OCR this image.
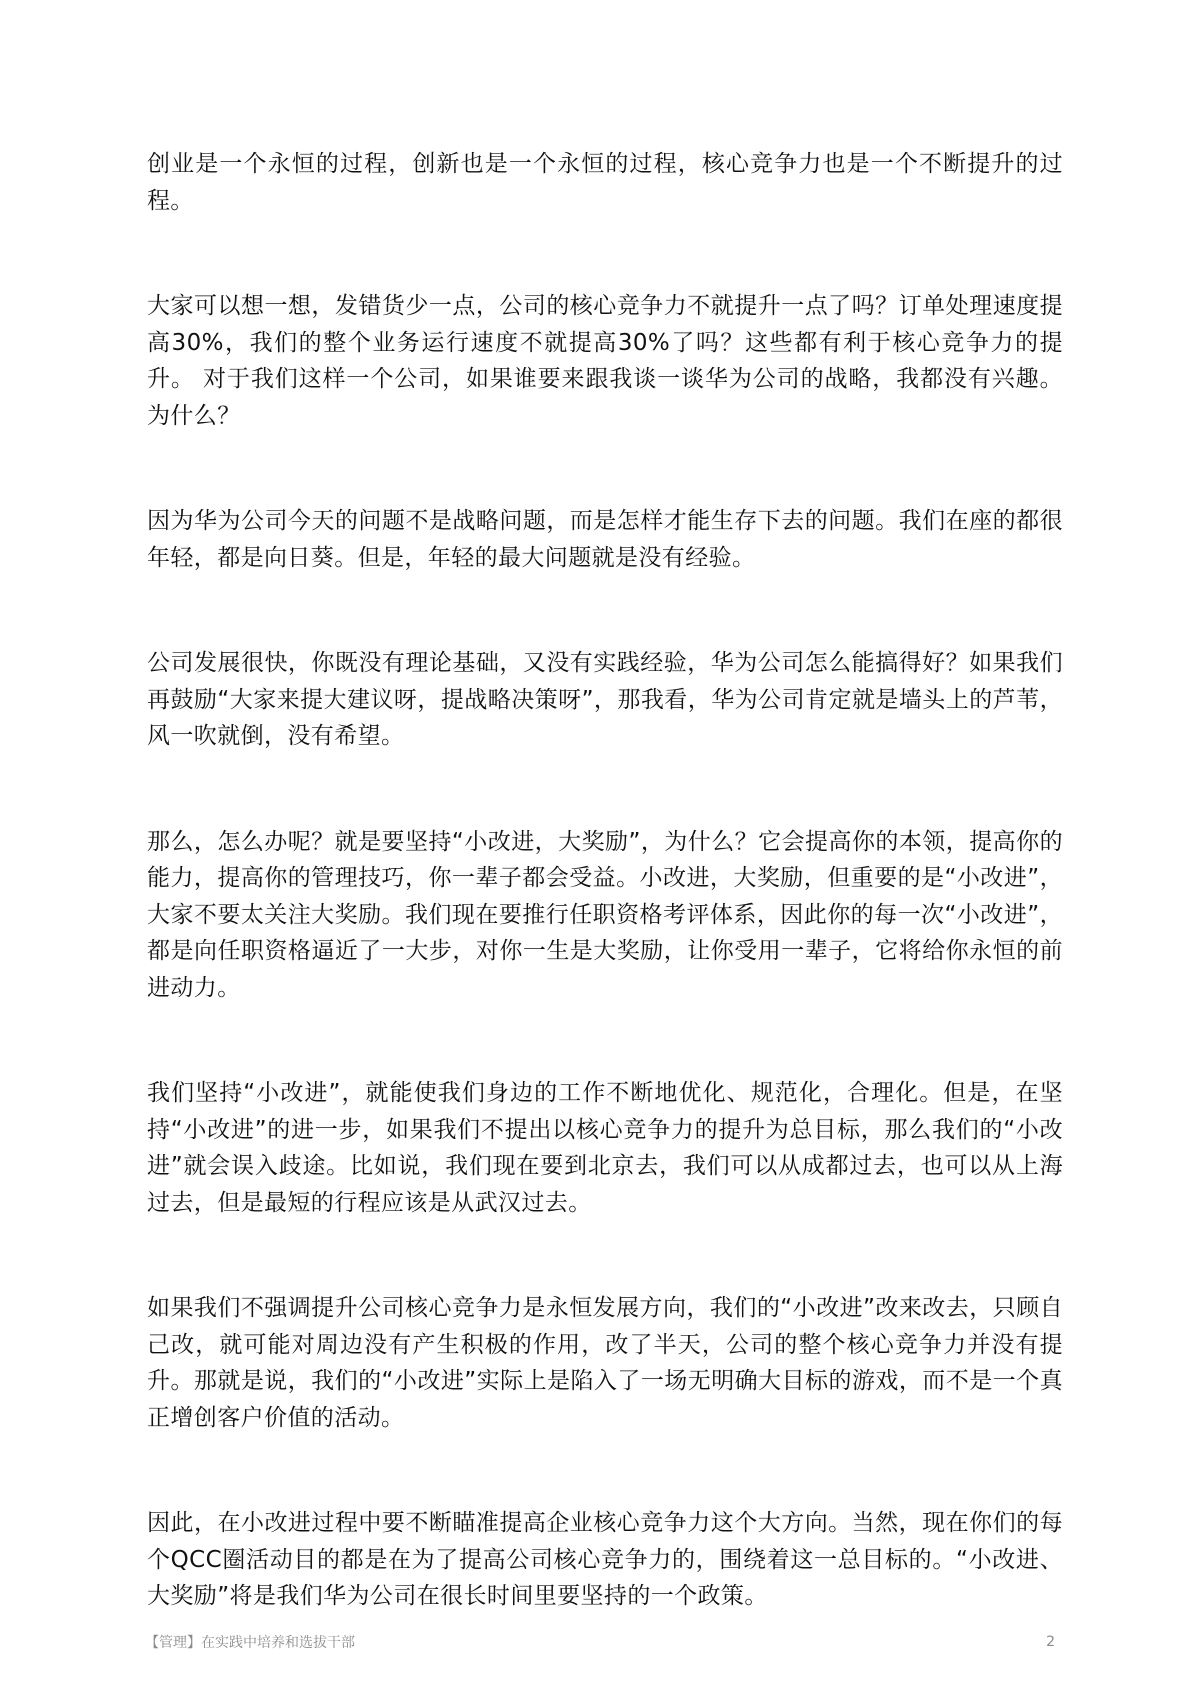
创业是一个永恒的过程，创新也是一个永恒的过程，核心竞争力也是一个不断提升的过程。

大家可以想一想，发错货少一点，公司的核心竞争力不就提升一点了吗？订单处理速度提高30%，我们的整个业务运行速度不就提高30%了吗？这些都有利于核心竞争力的提升。 对于我们这样一个公司，如果谁要来跟我谈一谈华为公司的战略，我都没有兴趣。为什么？

因为华为公司今天的问题不是战略问题，而是怎样才能生存下去的问题。我们在座的都很年轻，都是向日葵。但是，年轻的最大问题就是没有经验。

公司发展很快，你既没有理论基础，又没有实践经验，华为公司怎么能搞得好？如果我们再鼓励“大家来提大建议呀，提战略决策呀”，那我看，华为公司肯定就是墙头上的芦苇，风一吹就倒，没有希望。

那么，怎么办呢？就是要坚持“小改进，大奖励”，为什么？它会提高你的本领，提高你的能力，提高你的管理技巧，你一辈子都会受益。小改进，大奖励，但重要的是“小改进”，大家不要太关注大奖励。我们现在要推行任职资格考评体系，因此你的每一次“小改进”，都是向任职资格逼近了一大步，对你一生是大奖励，让你受用一辈子，它将给你永恒的前进动力。

我们坚持“小改进”，就能使我们身边的工作不断地优化、规范化，合理化。但是，在坚持“小改进”的进一步，如果我们不提出以核心竞争力的提升为总目标，那么我们的“小改进”就会误入歧途。比如说，我们现在要到北京去，我们可以从成都过去，也可以从上海过去，但是最短的行程应该是从武汉过去。

如果我们不强调提升公司核心竞争力是永恒发展方向，我们的“小改进”改来改去，只顾自己改，就可能对周边没有产生积极的作用，改了半天，公司的整个核心竞争力并没有提升。那就是说，我们的“小改进”实际上是陷入了一场无明确大目标的游戏，而不是一个真正增创客户价值的活动。

因此，在小改进过程中要不断瞄准提高企业核心竞争力这个大方向。当然，现在你们的每个QCC圈活动目的都是在为了提高公司核心竞争力的，围绕着这一总目标的。“小改进、大奖励”将是我们华为公司在很长时间里要坚持的一个政策。

【管理】在实践中培养和选拔干部	2
